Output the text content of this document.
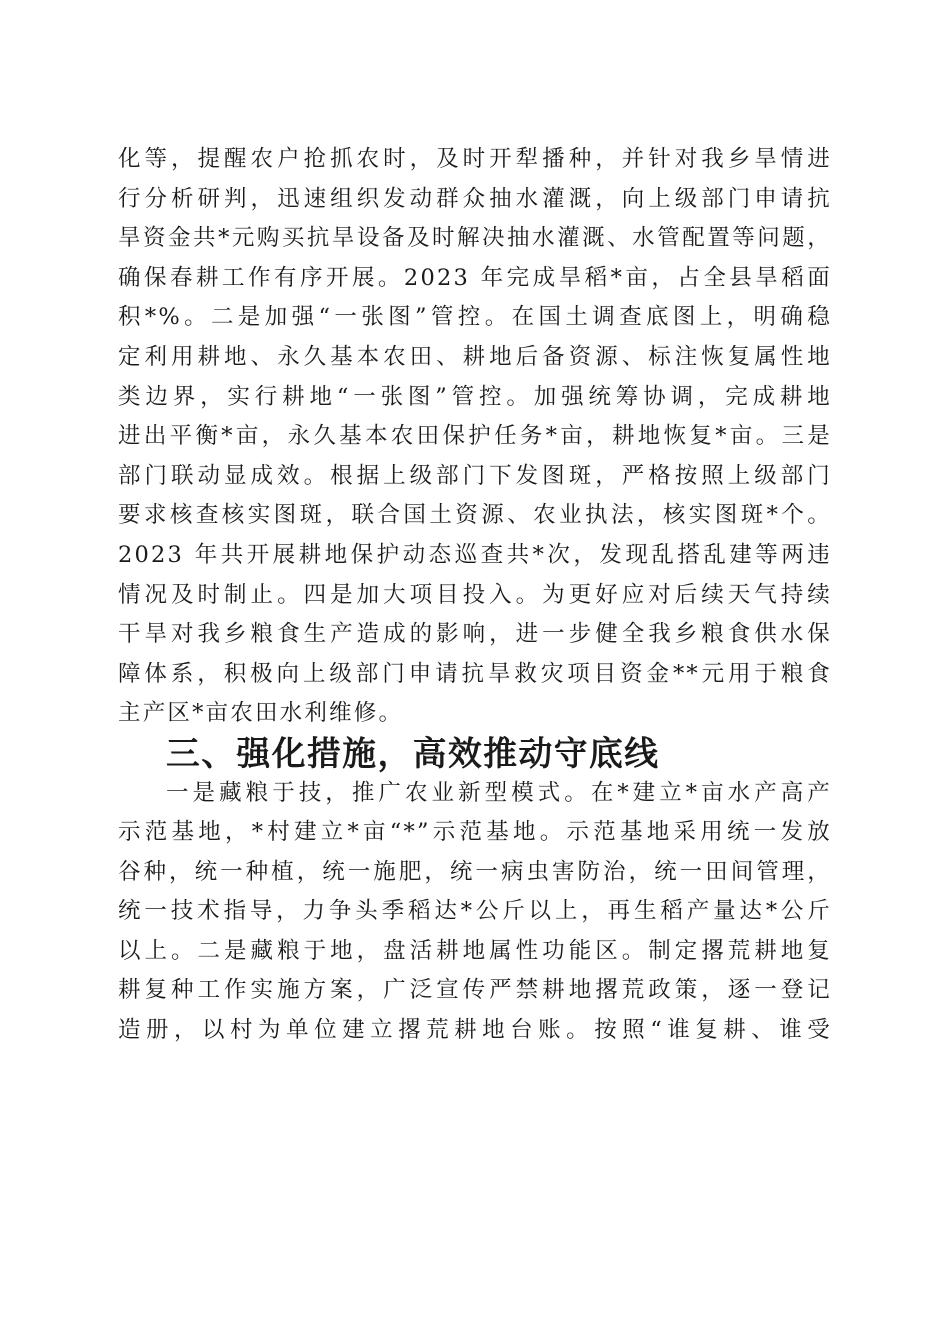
化等，提醒农户抢抓农时，及时开犁播种，并针对我乡旱情进
行分析研判，迅速组织发动群众抽水灌溉，向上级部门申请抗
旱资金共*元购买抗旱设备及时解决抽水灌溉、水管配置等问题，
确保春耕工作有序开展。2023 年完成旱稻*亩，占全县旱稻面
积*%。二是加强“一张图”管控。在国土调查底图上，明确稳
定利用耕地、永久基本农田、耕地后备资源、标注恢复属性地
类边界，实行耕地“一张图”管控。加强统筹协调，完成耕地
进出平衡*亩，永久基本农田保护任务*亩，耕地恢复*亩。三是
部门联动显成效。根据上级部门下发图斑，严格按照上级部门
要求核查核实图斑，联合国土资源、农业执法，核实图斑*个。
2023 年共开展耕地保护动态巡查共*次，发现乱搭乱建等两违
情况及时制止。四是加大项目投入。为更好应对后续天气持续
干旱对我乡粮食生产造成的影响，进一步健全我乡粮食供水保
障体系，积极向上级部门申请抗旱救灾项目资金**元用于粮食
主产区*亩农田水利维修。
三、强化措施，高效推动守底线
一是藏粮于技，推广农业新型模式。在*建立*亩水产高产
示范基地，*村建立*亩“*”示范基地。示范基地采用统一发放
谷种，统一种植，统一施肥，统一病虫害防治，统一田间管理，
统一技术指导，力争头季稻达*公斤以上，再生稻产量达*公斤
以上。二是藏粮于地，盘活耕地属性功能区。制定撂荒耕地复
耕复种工作实施方案，广泛宣传严禁耕地撂荒政策，逐一登记
造册，以村为单位建立撂荒耕地台账。按照“谁复耕、谁受
